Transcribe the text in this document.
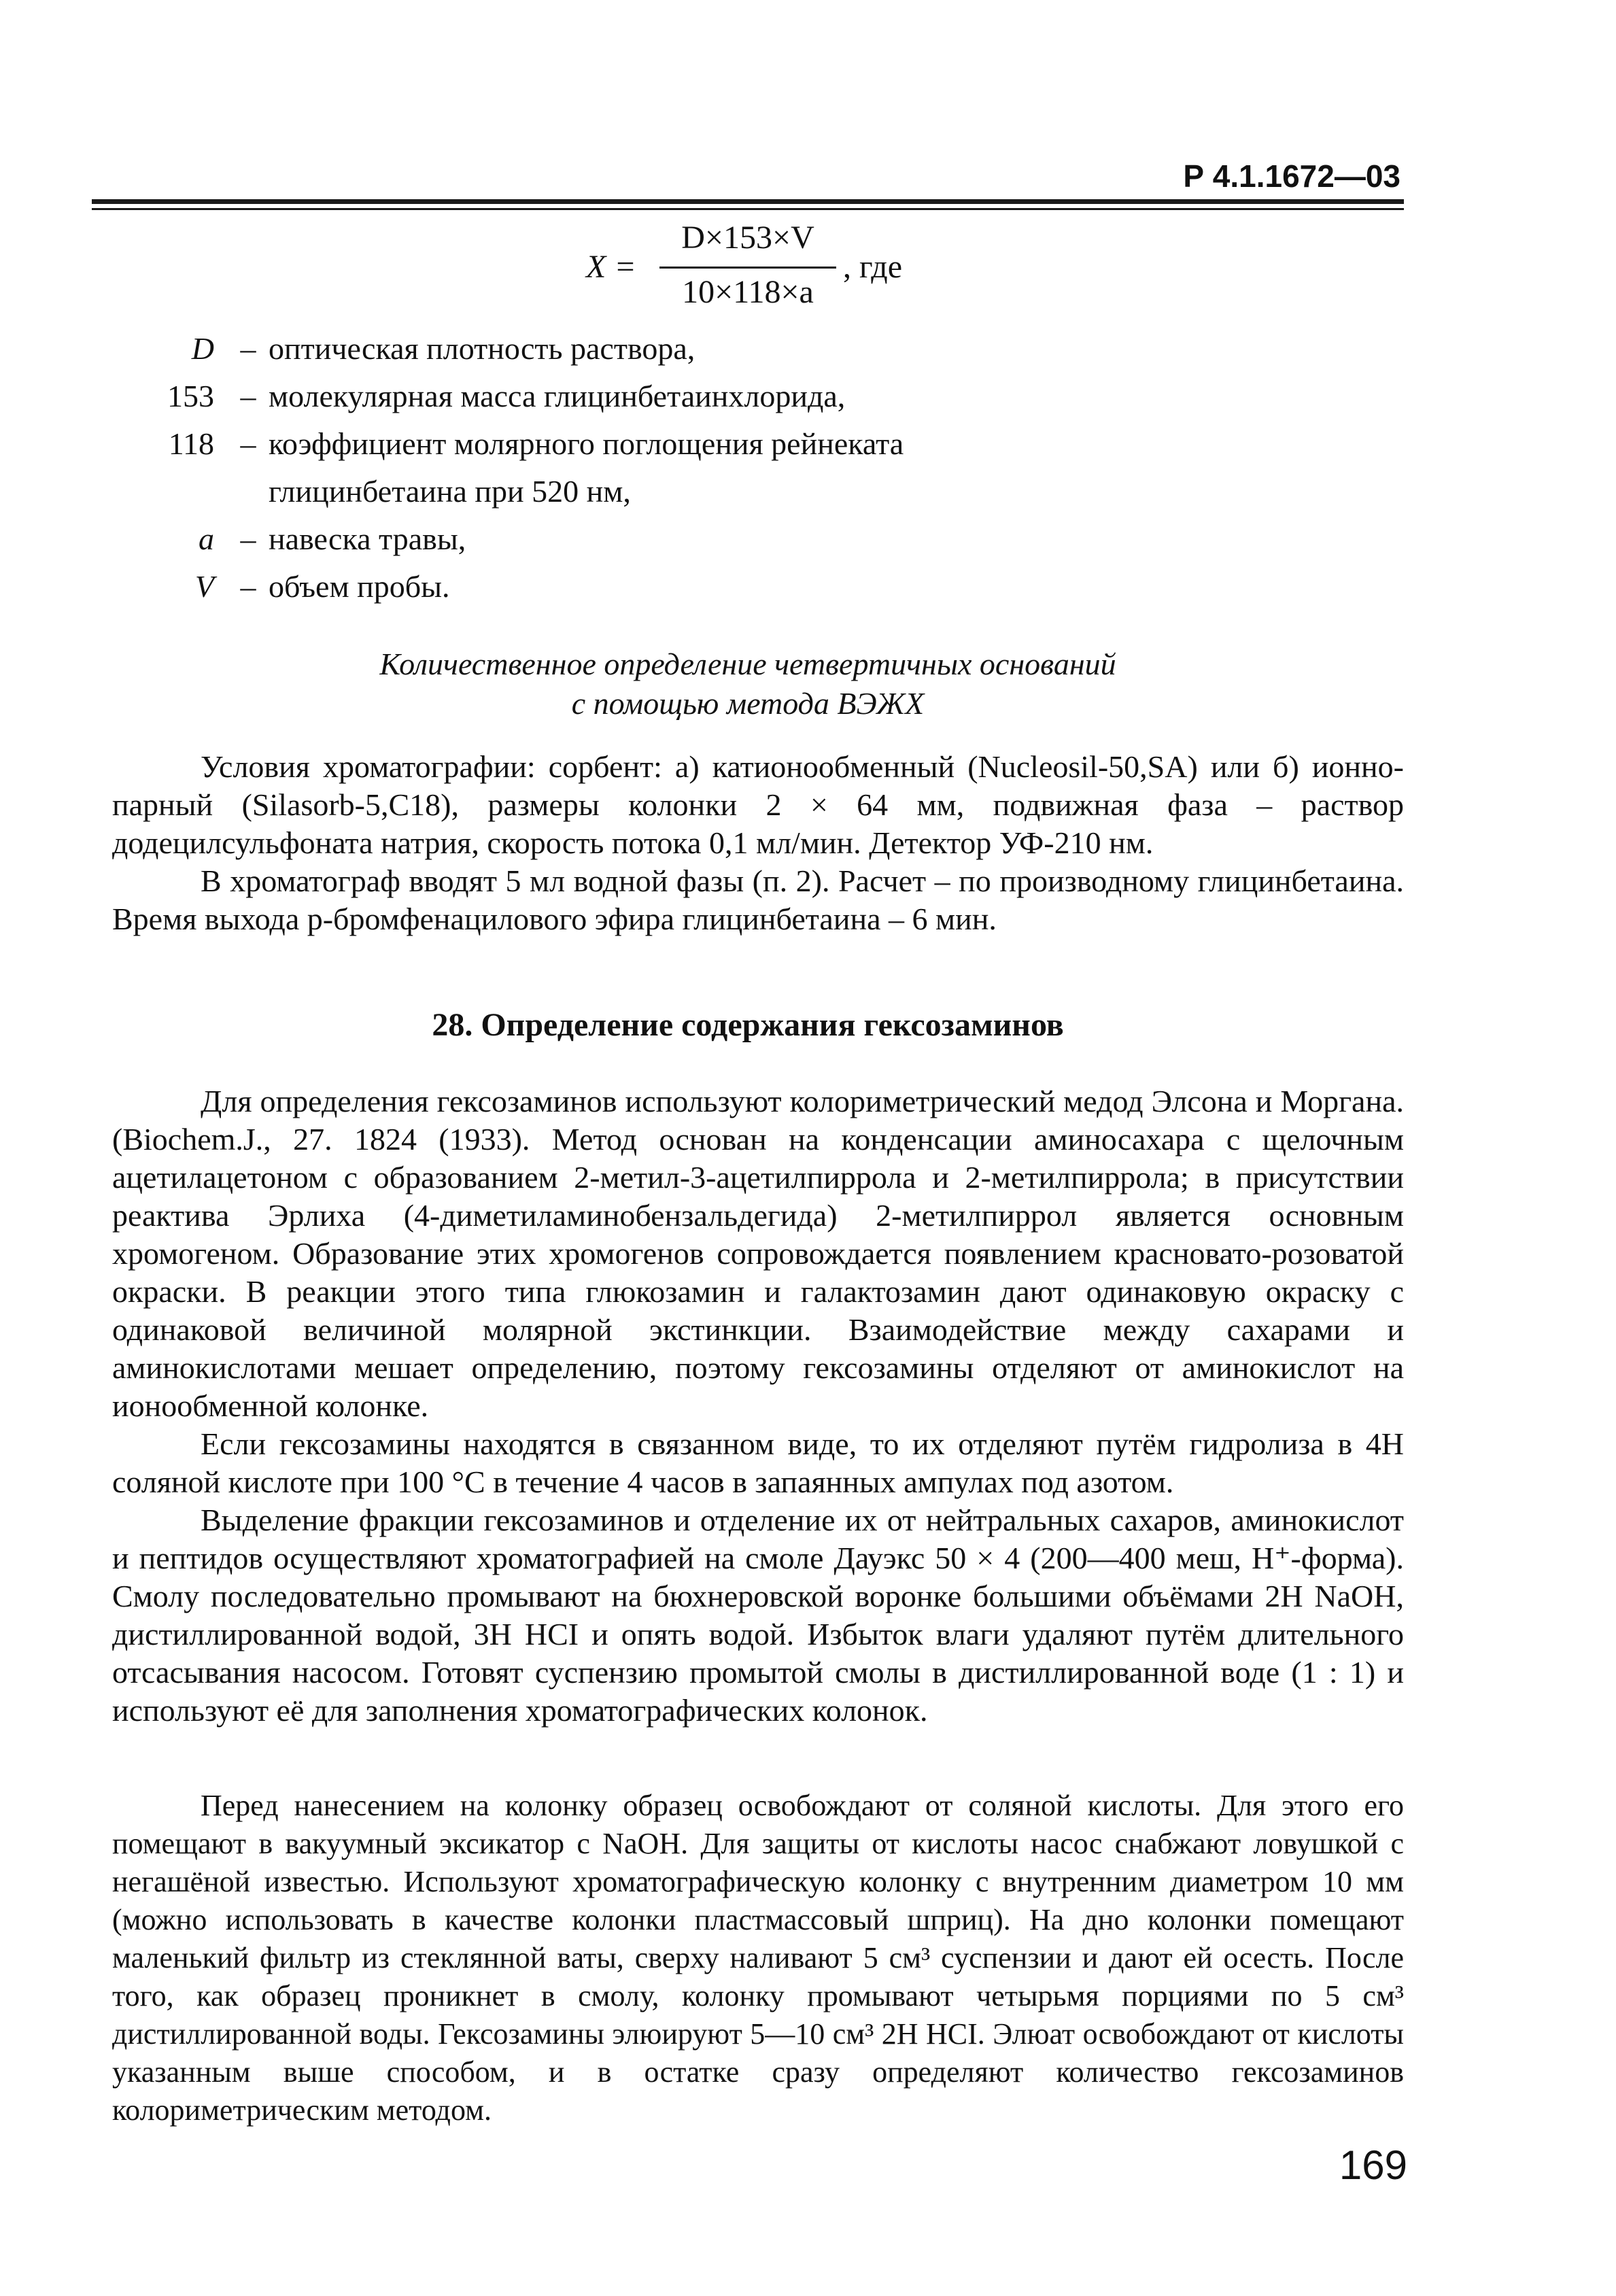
Р 4.1.1672—03
X =
D×153×V
10×118×a
, где
D – оптическая плотность раствора,
153 – молекулярная масса глицинбетаинхлорида,
118 – коэффициент молярного поглощения рейнеката глицинбетаина при 520 нм,
a – навеска травы,
V – объем пробы.
Количественное определение четвертичных оснований
с помощью метода ВЭЖХ

Условия хроматографии: сорбент: а) катионообменный (Nucleosil-50,SA) или б) ионно-парный (Silasorb-5,C18), размеры колонки 2 × 64 мм, подвижная фаза – раствор додецилсульфоната натрия, скорость потока 0,1 мл/мин. Детектор УФ-210 нм.

В хроматограф вводят 5 мл водной фазы (п. 2). Расчет – по производному глицинбетаина. Время выхода p-бромфенацилового эфира глицинбетаина – 6 мин.

28. Определение содержания гексозаминов

Для определения гексозаминов используют колориметрический медод Элсона и Моргана. (Biochem.J., 27. 1824 (1933). Метод основан на конденсации аминосахара с щелочным ацетилацетоном с образованием 2-метил-3-ацетилпиррола и 2-метилпиррола; в присутствии реактива Эрлиха (4-диметиламинобензальдегида) 2-метилпиррол является основным хромогеном. Образование этих хромогенов сопровождается появлением красновато-розоватой окраски. В реакции этого типа глюкозамин и галактозамин дают одинаковую окраску с одинаковой величиной молярной экстинкции. Взаимодействие между сахарами и аминокислотами мешает определению, поэтому гексозамины отделяют от аминокислот на ионообменной колонке.

Если гексозамины находятся в связанном виде, то их отделяют путём гидролиза в 4Н соляной кислоте при 100 °С в течение 4 часов в запаянных ампулах под азотом.

Выделение фракции гексозаминов и отделение их от нейтральных сахаров, аминокислот и пептидов осуществляют хроматографией на смоле Дауэкс 50 × 4 (200—400 меш, H⁺-форма). Смолу последовательно промывают на бюхнеровской воронке большими объёмами 2Н NaOH, дистиллированной водой, 3Н HCI и опять водой. Избыток влаги удаляют путём длительного отсасывания насосом. Готовят суспензию промытой смолы в дистиллированной воде (1 : 1) и используют её для заполнения хроматографических колонок.

Перед нанесением на колонку образец освобождают от соляной кислоты. Для этого его помещают в вакуумный эксикатор с NaOH. Для защиты от кислоты насос снабжают ловушкой с негашёной известью. Используют хроматографическую колонку с внутренним диаметром 10 мм (можно использовать в качестве колонки пластмассовый шприц). На дно колонки помещают маленький фильтр из стеклянной ваты, сверху наливают 5 см³ суспензии и дают ей осесть. После того, как образец проникнет в смолу, колонку промывают четырьмя порциями по 5 см³ дистиллированной воды. Гексозамины элюируют 5—10 см³ 2Н HCI. Элюат освобождают от кислоты указанным выше способом, и в остатке сразу определяют количество гексозаминов колориметрическим методом.

169
